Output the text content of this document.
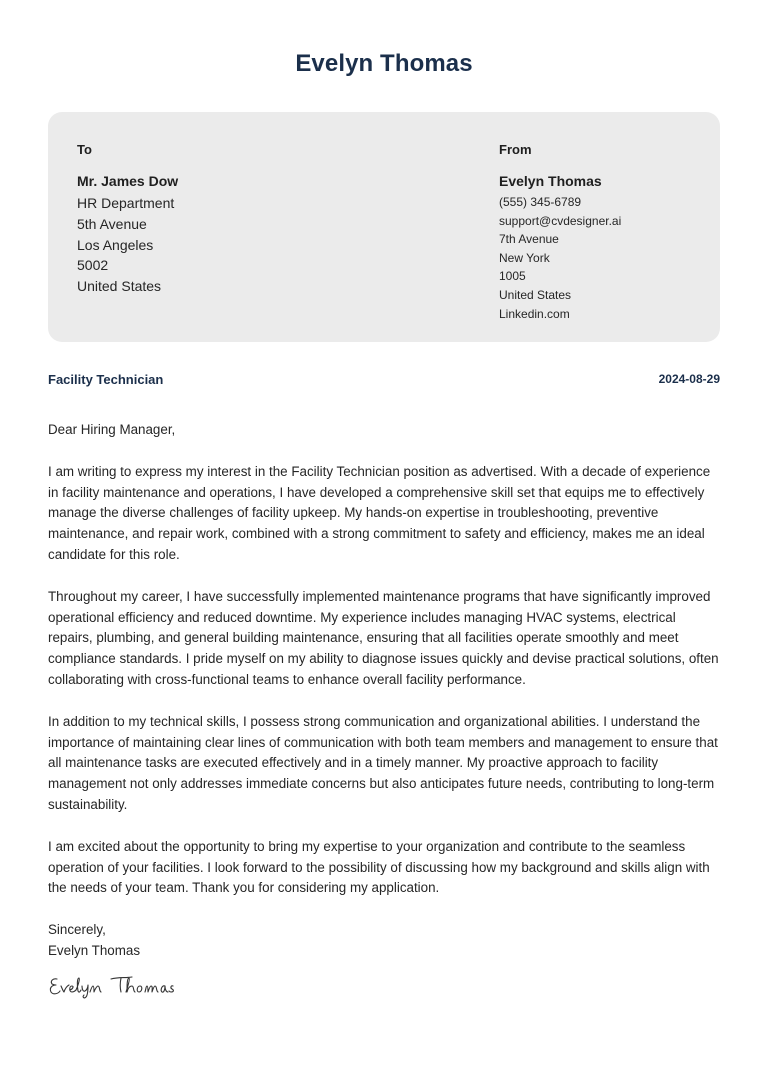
Evelyn Thomas
To
Mr. James Dow
HR Department
5th Avenue
Los Angeles
5002
United States
From
Evelyn Thomas
(555) 345-6789
support@cvdesigner.ai
7th Avenue
New York
1005
United States
Linkedin.com
Facility Technician	2024-08-29

Dear Hiring Manager,

I am writing to express my interest in the Facility Technician position as advertised. With a decade of experience in facility maintenance and operations, I have developed a comprehensive skill set that equips me to effectively manage the diverse challenges of facility upkeep. My hands-on expertise in troubleshooting, preventive maintenance, and repair work, combined with a strong commitment to safety and efficiency, makes me an ideal candidate for this role.

Throughout my career, I have successfully implemented maintenance programs that have significantly improved operational efficiency and reduced downtime. My experience includes managing HVAC systems, electrical repairs, plumbing, and general building maintenance, ensuring that all facilities operate smoothly and meet compliance standards. I pride myself on my ability to diagnose issues quickly and devise practical solutions, often collaborating with cross-functional teams to enhance overall facility performance.

In addition to my technical skills, I possess strong communication and organizational abilities. I understand the importance of maintaining clear lines of communication with both team members and management to ensure that all maintenance tasks are executed effectively and in a timely manner. My proactive approach to facility management not only addresses immediate concerns but also anticipates future needs, contributing to long-term sustainability.

I am excited about the opportunity to bring my expertise to your organization and contribute to the seamless operation of your facilities. I look forward to the possibility of discussing how my background and skills align with the needs of your team. Thank you for considering my application.

Sincerely,

Evelyn Thomas
